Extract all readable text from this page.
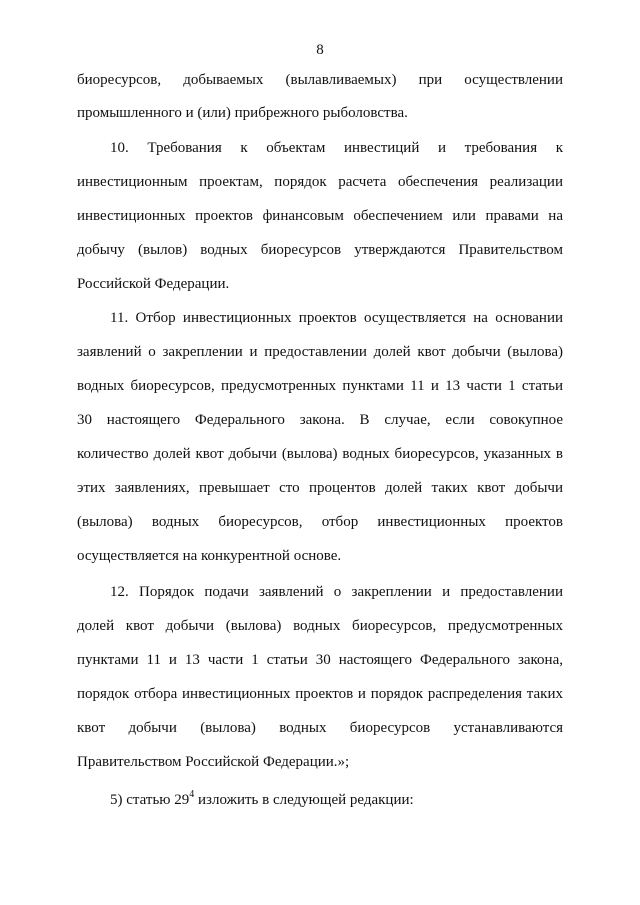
8
биоресурсов, добываемых (вылавливаемых) при осуществлении
промышленного и (или) прибрежного рыболовства.
10. Требования к объектам инвестиций и требования к
инвестиционным проектам, порядок расчета обеспечения реализации
инвестиционных проектов финансовым обеспечением или правами на
добычу (вылов) водных биоресурсов утверждаются Правительством
Российской Федерации.
11. Отбор инвестиционных проектов осуществляется на основании
заявлений о закреплении и предоставлении долей квот добычи (вылова)
водных биоресурсов, предусмотренных пунктами 11 и 13 части 1 статьи
30 настоящего Федерального закона. В случае, если совокупное
количество долей квот добычи (вылова) водных биоресурсов, указанных в
этих заявлениях, превышает сто процентов долей таких квот добычи
(вылова) водных биоресурсов, отбор инвестиционных проектов
осуществляется на конкурентной основе.
12. Порядок подачи заявлений о закреплении и предоставлении
долей квот добычи (вылова) водных биоресурсов, предусмотренных
пунктами 11 и 13 части 1 статьи 30 настоящего Федерального закона,
порядок отбора инвестиционных проектов и порядок распределения таких
квот добычи (вылова) водных биоресурсов устанавливаются
Правительством Российской Федерации.»;
5) статью $29^4$ изложить в следующей редакции:
